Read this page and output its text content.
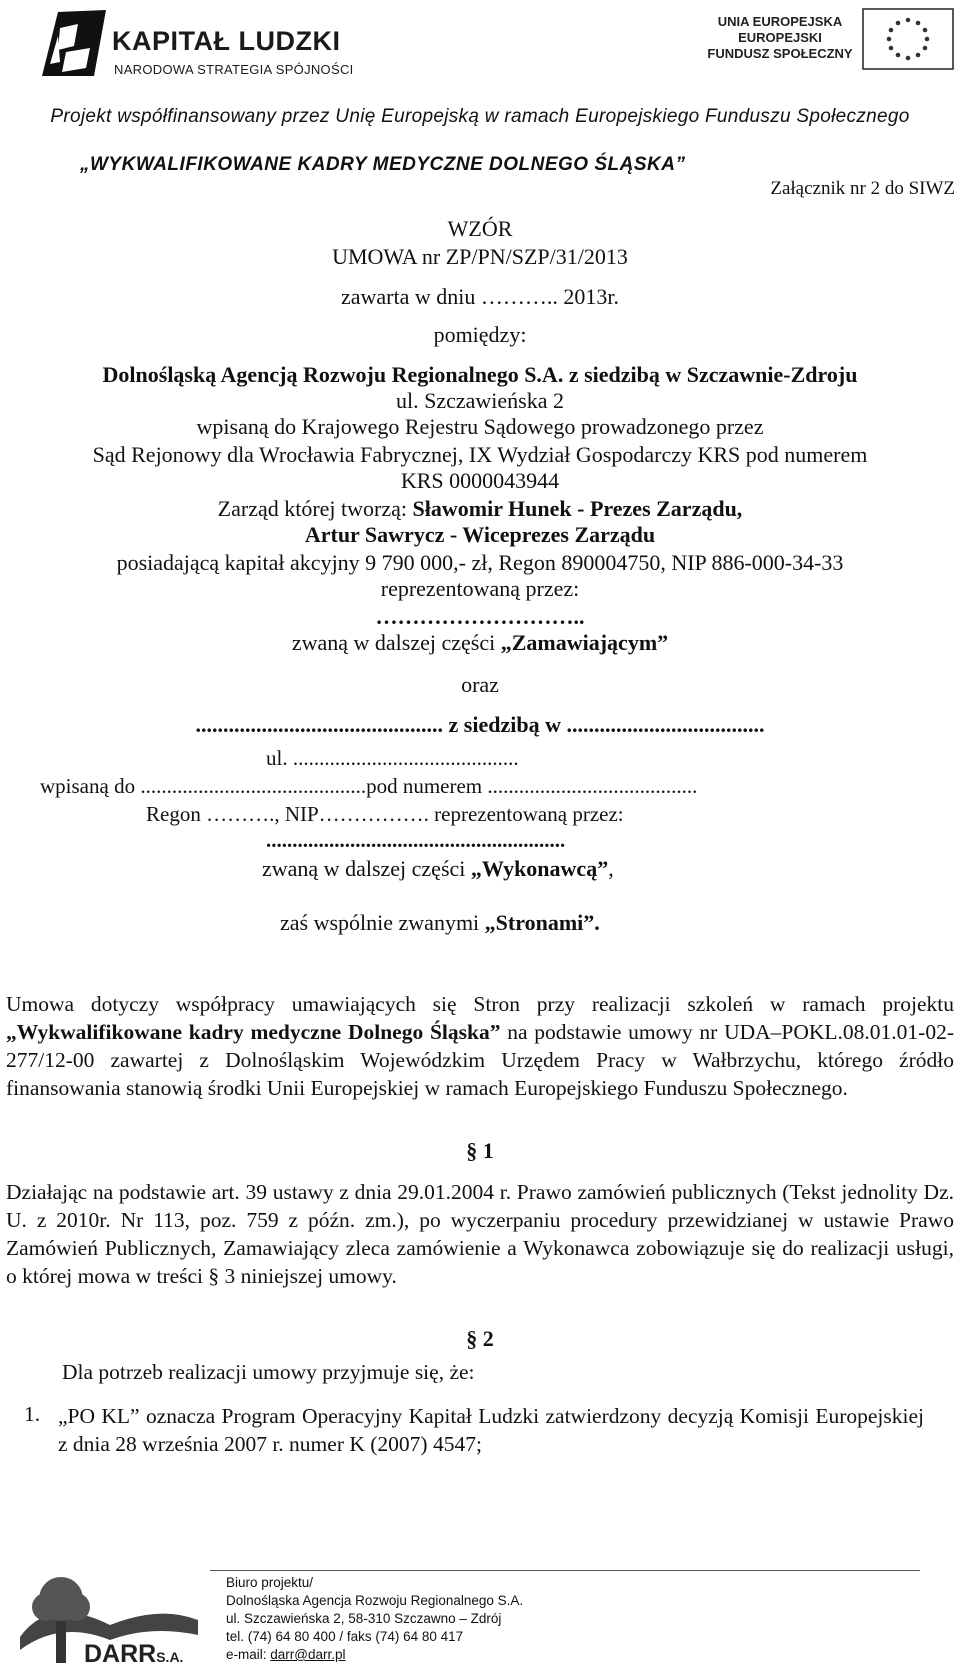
KAPITAŁ LUDZKI
NARODOWA STRATEGIA SPÓJNOŚCI
UNIA EUROPEJSKA
EUROPEJSKI
FUNDUSZ SPOŁECZNY
Projekt współfinansowany przez Unię Europejską w ramach Europejskiego Funduszu Społecznego
„WYKWALIFIKOWANE KADRY MEDYCZNE DOLNEGO ŚLĄSKA”
Załącznik nr 2 do SIWZ
WZÓR
UMOWA nr ZP/PN/SZP/31/2013
zawarta w dniu ……….. 2013r.
pomiędzy:
Dolnośląską Agencją Rozwoju Regionalnego S.A. z siedzibą w Szczawnie-Zdroju
ul. Szczawieńska 2
wpisaną do Krajowego Rejestru Sądowego prowadzonego przez
Sąd Rejonowy dla Wrocławia Fabrycznej, IX Wydział Gospodarczy KRS pod numerem
KRS 0000043944
Zarząd której tworzą: Sławomir Hunek - Prezes Zarządu,
Artur Sawrycz - Wiceprezes Zarządu
posiadającą kapitał akcyjny 9 790 000,- zł, Regon 890004750, NIP 886-000-34-33
reprezentowaną przez:
………………………..
zwaną w dalszej części „Zamawiającym”
oraz
............................................. z siedzibą w ....................................
ul. ...........................................
wpisaną do ...........................................pod numerem ........................................
Regon ………., NIP……………. reprezentowaną przez:
.........................................................
zwaną w dalszej części „Wykonawcą”,
zaś wspólnie zwanymi „Stronami”.

Umowa dotyczy współpracy umawiających się Stron przy realizacji szkoleń w ramach projektu „Wykwalifikowane kadry medyczne Dolnego Śląska” na podstawie umowy nr UDA–POKL.08.01.01-02-277/12-00 zawartej z Dolnośląskim Wojewódzkim Urzędem Pracy w Wałbrzychu, którego źródło finansowania stanowią środki Unii Europejskiej w ramach Europejskiego Funduszu Społecznego.

§ 1

Działając na podstawie art. 39 ustawy z dnia 29.01.2004 r. Prawo zamówień publicznych (Tekst jednolity Dz. U. z 2010r. Nr 113, poz. 759 z późn. zm.), po wyczerpaniu procedury przewidzianej w ustawie Prawo Zamówień Publicznych, Zamawiający zleca zamówienie a Wykonawca zobowiązuje się do realizacji usługi, o której mowa w treści § 3 niniejszej umowy.

§ 2
Dla potrzeb realizacji umowy przyjmuje się, że:
1. „PO KL” oznacza Program Operacyjny Kapitał Ludzki zatwierdzony decyzją Komisji Europejskiej z dnia 28 września 2007 r. numer K (2007) 4547;
DARRS.A.
Biuro projektu/
Dolnośląska Agencja Rozwoju Regionalnego S.A.
ul. Szczawieńska 2, 58-310 Szczawno – Zdrój
tel. (74) 64 80 400 / faks (74) 64 80 417
e-mail: darr@darr.pl
